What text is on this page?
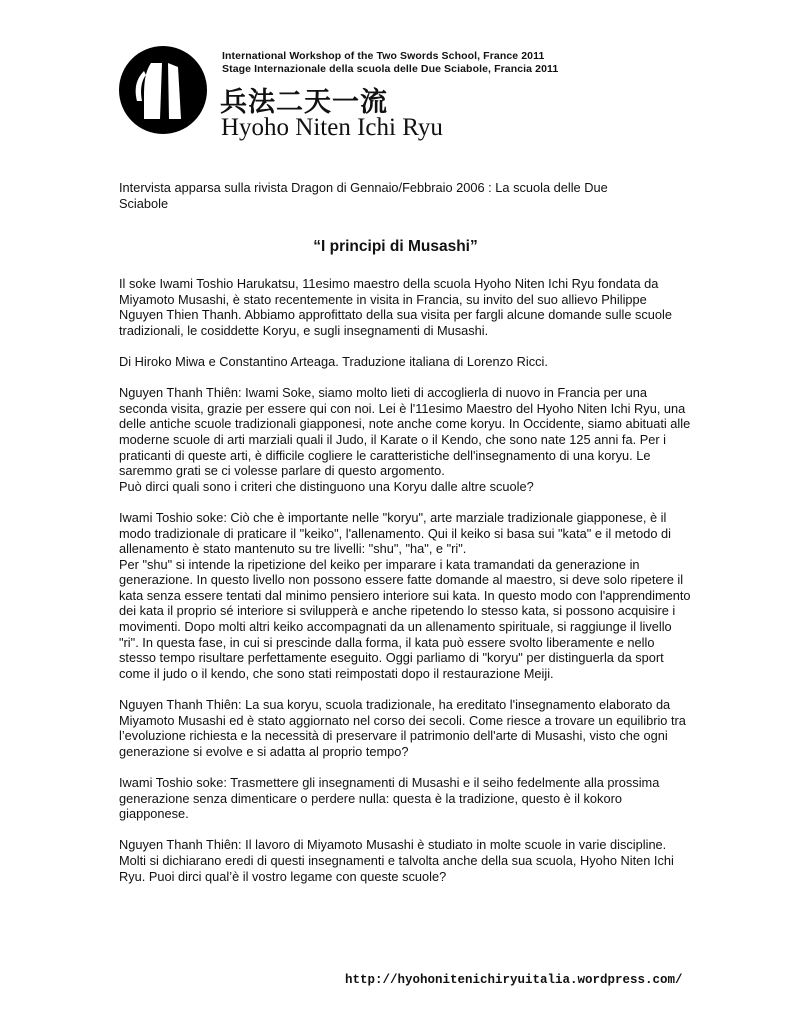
International Workshop of the Two Swords School, France 2011
Stage Internazionale della scuola delle Due Sciabole, Francia 2011
兵法二天一流
Hyoho Niten Ichi Ryu
Intervista apparsa sulla rivista Dragon di Gennaio/Febbraio 2006 : La scuola delle Due Sciabole
“I principi di Musashi”

Il soke Iwami Toshio Harukatsu, 11esimo maestro della scuola Hyoho Niten Ichi Ryu fondata da
Miyamoto Musashi, è stato recentemente in visita in Francia, su invito del suo allievo Philippe Nguyen Thien Thanh. Abbiamo approfittato della sua visita per fargli alcune domande sulle scuole tradizionali, le cosiddette Koryu, e sugli insegnamenti di Musashi.

Di Hiroko Miwa e Constantino Arteaga. Traduzione italiana di Lorenzo Ricci.

Nguyen Thanh Thiên: Iwami Soke, siamo molto lieti di accoglierla di nuovo in Francia per una seconda visita, grazie per essere qui con noi. Lei è l'11esimo Maestro del Hyoho Niten Ichi Ryu, una delle antiche scuole tradizionali giapponesi, note anche come koryu. In Occidente, siamo abituati alle moderne scuole di arti marziali quali il Judo, il Karate o il Kendo, che sono nate 125 anni fa. Per i praticanti di queste arti, è difficile cogliere le caratteristiche dell'insegnamento di una koryu. Le saremmo grati se ci volesse parlare di questo argomento.
Può dirci quali sono i criteri che distinguono una Koryu dalle altre scuole?

Iwami Toshio soke: Ciò che è importante nelle "koryu", arte marziale tradizionale giapponese, è il modo tradizionale di praticare il "keiko", l'allenamento. Qui il keiko si basa sui "kata" e il metodo di allenamento è stato mantenuto su tre livelli: "shu", "ha", e "ri".
Per "shu" si intende la ripetizione del keiko per imparare i kata tramandati da generazione in generazione. In questo livello non possono essere fatte domande al maestro, si deve solo ripetere il kata senza essere tentati dal minimo pensiero interiore sui kata. In questo modo con l'apprendimento dei kata il proprio sé interiore si svilupperà e anche ripetendo lo stesso kata, si possono acquisire i movimenti. Dopo molti altri keiko accompagnati da un allenamento spirituale, si raggiunge il livello "ri". In questa fase, in cui si prescinde dalla forma, il kata può essere svolto liberamente e nello stesso tempo risultare perfettamente eseguito. Oggi parliamo di "koryu" per distinguerla da sport come il judo o il kendo, che sono stati reimpostati dopo il restaurazione Meiji.

Nguyen Thanh Thiên: La sua koryu, scuola tradizionale, ha ereditato l'insegnamento elaborato da Miyamoto Musashi ed è stato aggiornato nel corso dei secoli. Come riesce a trovare un equilibrio tra l’evoluzione richiesta e la necessità di preservare il patrimonio dell'arte di Musashi, visto che ogni generazione si evolve e si adatta al proprio tempo?

Iwami Toshio soke: Trasmettere gli insegnamenti di Musashi e il seiho fedelmente alla prossima generazione senza dimenticare o perdere nulla: questa è la tradizione, questo è il kokoro giapponese.

Nguyen Thanh Thiên: Il lavoro di Miyamoto Musashi è studiato in molte scuole in varie discipline. Molti si dichiarano eredi di questi insegnamenti e talvolta anche della sua scuola, Hyoho Niten Ichi Ryu. Puoi dirci qual’è il vostro legame con queste scuole?

http://hyohonitenichiryuitalia.wordpress.com/
